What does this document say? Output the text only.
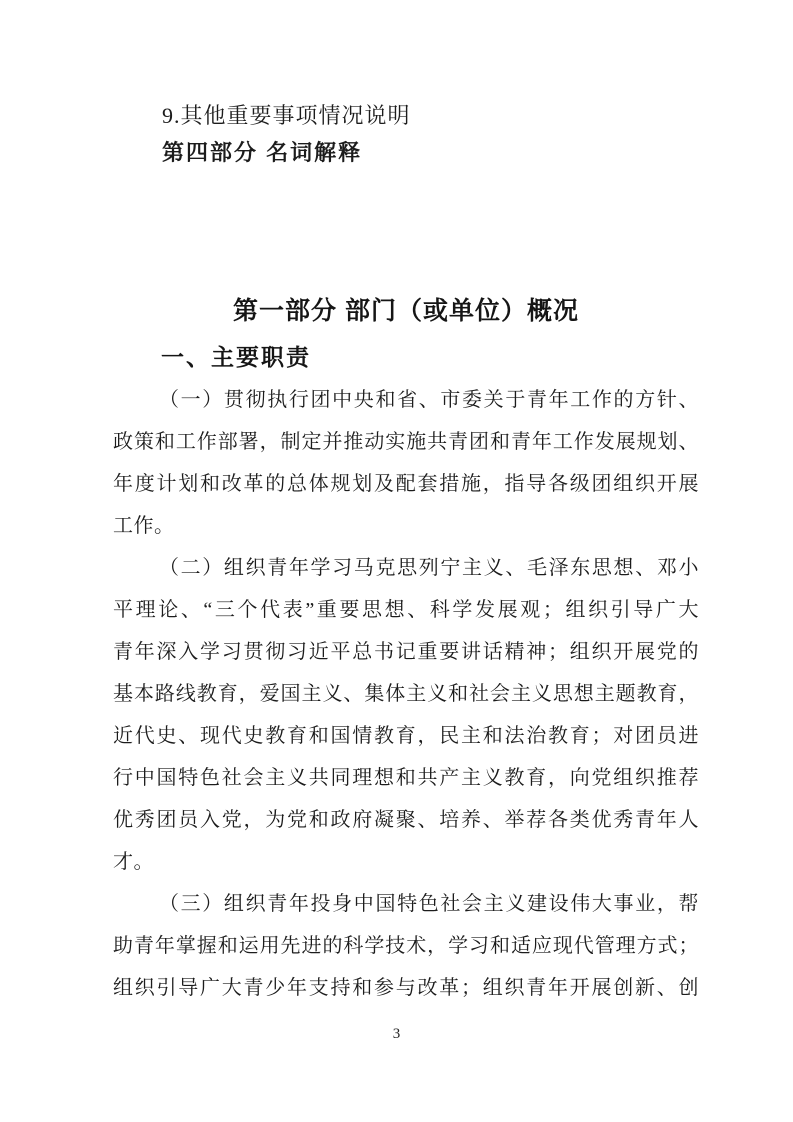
9.其他重要事项情况说明
第四部分 名词解释
第一部分 部门（或单位）概况
一、主要职责
（一）贯彻执行团中央和省、市委关于青年工作的方针、
政策和工作部署，制定并推动实施共青团和青年工作发展规划、
年度计划和改革的总体规划及配套措施，指导各级团组织开展
工作。
（二）组织青年学习马克思列宁主义、毛泽东思想、邓小
平理论、“三个代表”重要思想、科学发展观；组织引导广大
青年深入学习贯彻习近平总书记重要讲话精神；组织开展党的
基本路线教育，爱国主义、集体主义和社会主义思想主题教育，
近代史、现代史教育和国情教育，民主和法治教育；对团员进
行中国特色社会主义共同理想和共产主义教育，向党组织推荐
优秀团员入党，为党和政府凝聚、培养、举荐各类优秀青年人
才。
（三）组织青年投身中国特色社会主义建设伟大事业，帮
助青年掌握和运用先进的科学技术，学习和适应现代管理方式；
组织引导广大青少年支持和参与改革；组织青年开展创新、创
3
